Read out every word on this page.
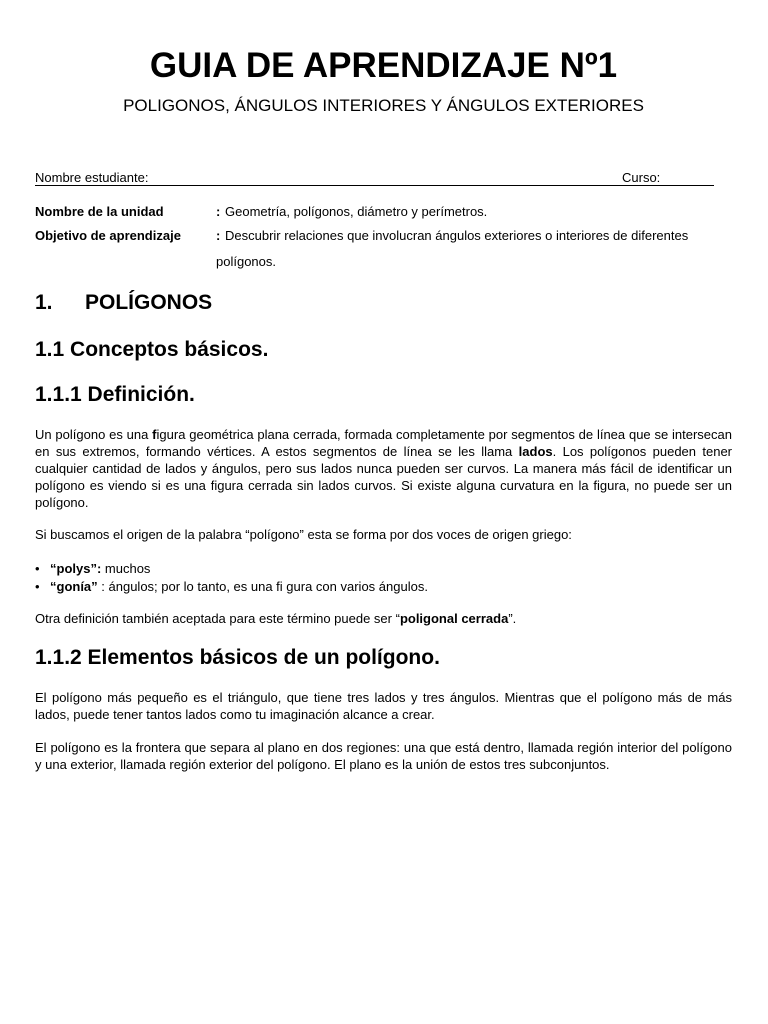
GUIA DE APRENDIZAJE Nº1

POLIGONOS, ÁNGULOS INTERIORES Y ÁNGULOS EXTERIORES

Nombre estudiante:	Curso:
Nombre de la unidad	: Geometría, polígonos, diámetro y perímetros.
Objetivo de aprendizaje	: Descubrir relaciones que involucran ángulos exteriores o interiores de diferentes
polígonos.
1. POLÍGONOS
1.1 Conceptos básicos.
1.1.1 Definición.

Un polígono es una figura geométrica plana cerrada, formada completamente por segmentos de línea que se intersecan en sus extremos, formando vértices. A estos segmentos de línea se les llama lados. Los polígonos pueden tener cualquier cantidad de lados y ángulos, pero sus lados nunca pueden ser curvos. La manera más fácil de identificar un polígono es viendo si es una figura cerrada sin lados curvos. Si existe alguna curvatura en la figura, no puede ser un polígono.

Si buscamos el origen de la palabra “polígono” esta se forma por dos voces de origen griego:

• “polys”: muchos
• “gonía” : ángulos; por lo tanto, es una fi gura con varios ángulos.

Otra definición también aceptada para este término puede ser “poligonal cerrada”.

1.1.2 Elementos básicos de un polígono.

El polígono más pequeño es el triángulo, que tiene tres lados y tres ángulos. Mientras que el polígono más de más lados, puede tener tantos lados como tu imaginación alcance a crear.

El polígono es la frontera que separa al plano en dos regiones: una que está dentro, llamada región interior del polígono y una exterior, llamada región exterior del polígono. El plano es la unión de estos tres subconjuntos.
